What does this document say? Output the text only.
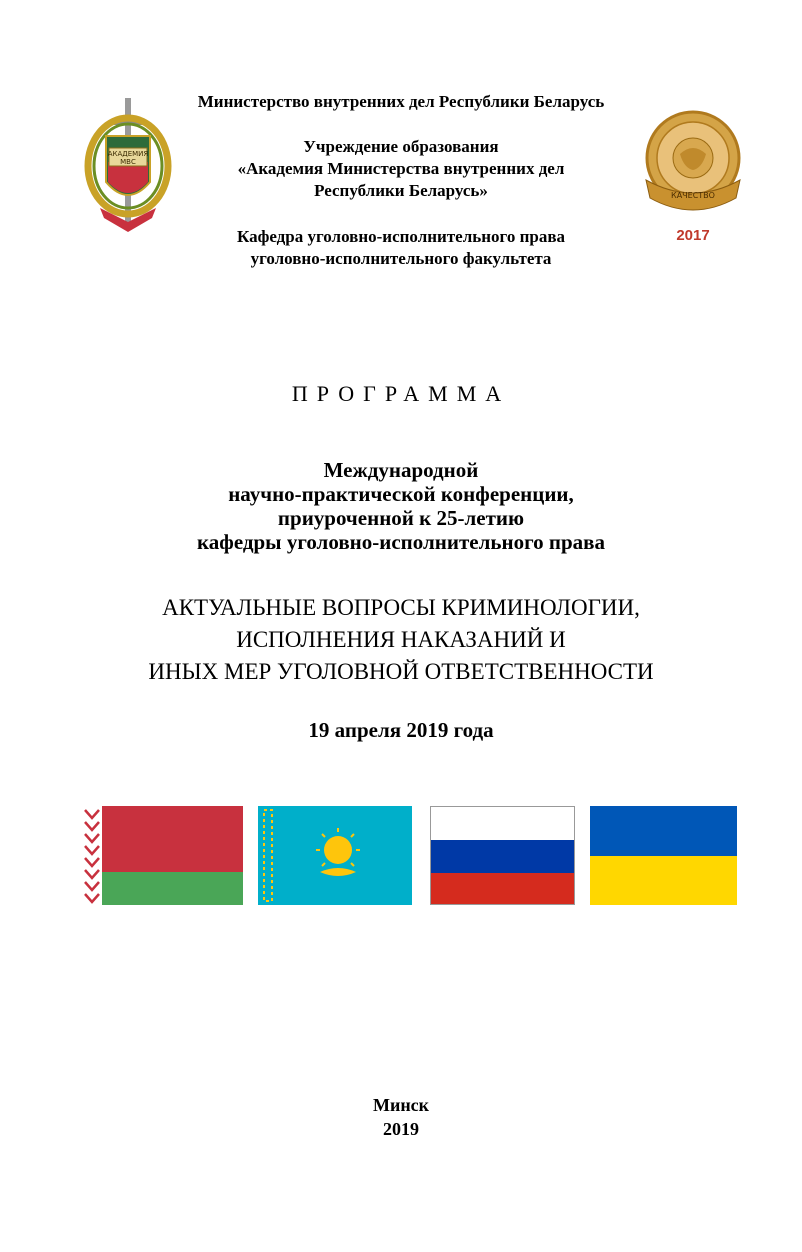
АКАДЕМИЯ
МВС
КАЧЕСТВО
2017
Министерство внутренних дел Республики Беларусь
Учреждение образования
«Академия Министерства внутренних дел
Республики Беларусь»
Кафедра уголовно-исполнительного права
уголовно-исполнительного факультета
ПРОГРАММА
Международной
научно-практической конференции,
приуроченной к 25-летию
кафедры уголовно-исполнительного права
АКТУАЛЬНЫЕ ВОПРОСЫ КРИМИНОЛОГИИ,
ИСПОЛНЕНИЯ НАКАЗАНИЙ И
ИНЫХ МЕР УГОЛОВНОЙ ОТВЕТСТВЕННОСТИ
19 апреля 2019 года
Минск
2019
